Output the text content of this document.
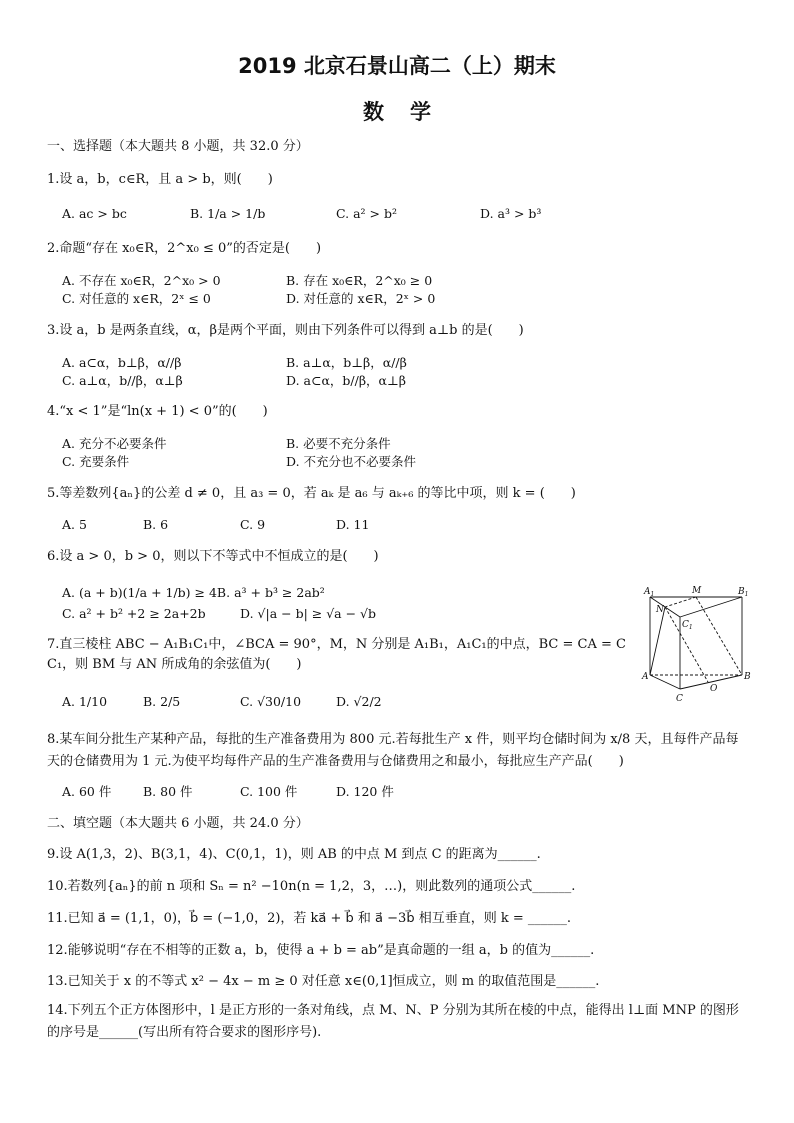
2019 北京石景山高二（上）期末
数学
一、选择题（本大题共 8 小题，共 32.0 分）
1.设 a，b，c∈R，且 a > b，则(　　)
A. ac > bc	B. 1/a > 1/b	C. a² > b²	D. a³ > b³
2.命题“存在 x₀∈R，2^x₀ ≤ 0”的否定是(　　)
A. 不存在 x₀∈R，2^x₀ > 0	B. 存在 x₀∈R，2^x₀ ≥ 0
C. 对任意的 x∈R，2ˣ ≤ 0	D. 对任意的 x∈R，2ˣ > 0
3.设 a，b 是两条直线，α，β是两个平面，则由下列条件可以得到 a⊥b 的是(　　)
A. a⊂α，b⊥β，α//β	B. a⊥α，b⊥β，α//β
C. a⊥α，b//β，α⊥β	D. a⊂α，b//β，α⊥β
4.“x < 1”是“ln(x + 1) < 0”的(　　)
A. 充分不必要条件	B. 必要不充分条件
C. 充要条件	D. 不充分也不必要条件
5.等差数列{aₙ}的公差 d ≠ 0，且 a₃ = 0，若 aₖ 是 a₆ 与 aₖ₊₆ 的等比中项，则 k = (　　)
A. 5	B. 6	C. 9	D. 11
6.设 a > 0，b > 0，则以下不等式中不恒成立的是(　　)
A. (a + b)(1/a + 1/b) ≥ 4B. a³ + b³ ≥ 2ab²
C. a² + b² +2 ≥ 2a+2b	D. √|a − b| ≥ √a − √b
$A_1$	M	$B_1$
N
$C_1$
A
O
B
C
7.直三棱柱 ABC − A₁B₁C₁中，∠BCA = 90°，M，N 分别是 A₁B₁，A₁C₁的中点，BC = CA = C
C₁，则 BM 与 AN 所成角的余弦值为(　　)
A. 1/10	B. 2/5	C. √30/10	D. √2/2
8.某车间分批生产某种产品，每批的生产准备费用为 800 元.若每批生产 x 件，则平均仓储时间为 x/8 天，且每件产品每天的仓储费用为 1 元.为使平均每件产品的生产准备费用与仓储费用之和最小，每批应生产产品(　　)
A. 60 件	B. 80 件	C. 100 件	D. 120 件
二、填空题（本大题共 6 小题，共 24.0 分）
9.设 A(1,3，2)、B(3,1，4)、C(0,1，1)，则 AB 的中点 M 到点 C 的距离为______.
10.若数列{aₙ}的前 n 项和 Sₙ = n² −10n(n = 1,2，3，…)，则此数列的通项公式______.
11.已知 a⃗ = (1,1，0)，b⃗ = (−1,0，2)，若 ka⃗ + b⃗ 和 a⃗ −3b⃗ 相互垂直，则 k = ______.
12.能够说明“存在不相等的正数 a，b，使得 a + b = ab”是真命题的一组 a，b 的值为______.
13.已知关于 x 的不等式 x² − 4x − m ≥ 0 对任意 x∈(0,1]恒成立，则 m 的取值范围是______.
14.下列五个正方体图形中，l 是正方形的一条对角线，点 M、N、P 分别为其所在棱的中点，能得出 l⊥面 MNP 的图形的序号是______(写出所有符合要求的图形序号).
